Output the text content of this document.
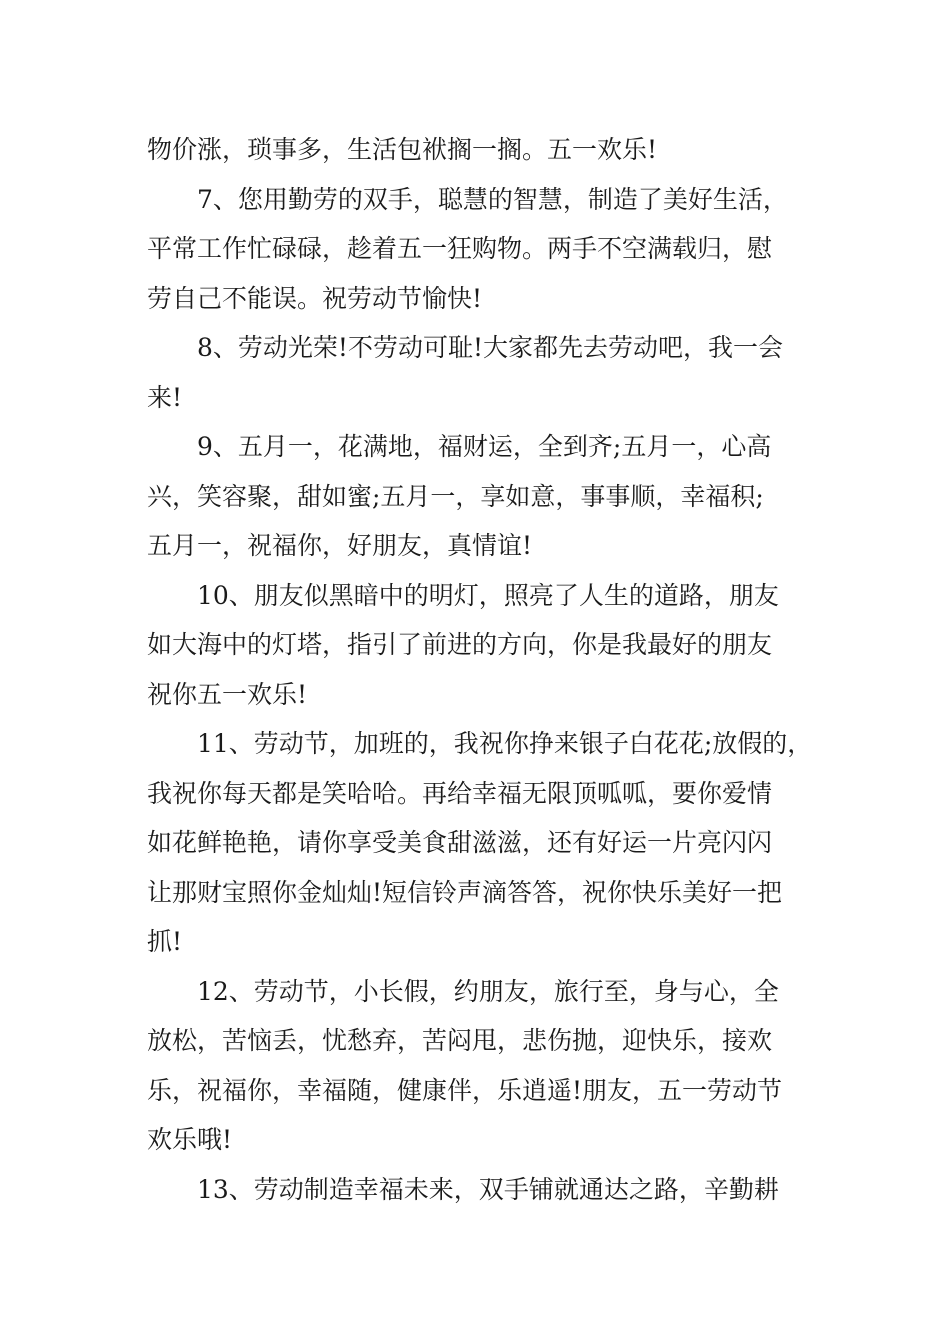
物价涨，琐事多，生活包袱搁一搁。五一欢乐!
7、您用勤劳的双手，聪慧的智慧，制造了美好生活，
平常工作忙碌碌，趁着五一狂购物。两手不空满载归，慰
劳自己不能误。祝劳动节愉快!
8、劳动光荣!不劳动可耻!大家都先去劳动吧，我一会
来!
9、五月一，花满地，福财运，全到齐;五月一，心高
兴，笑容聚，甜如蜜;五月一，享如意，事事顺，幸福积;
五月一，祝福你，好朋友，真情谊!
10、朋友似黑暗中的明灯，照亮了人生的道路，朋友
如大海中的灯塔，指引了前进的方向，你是我最好的朋友
祝你五一欢乐!
11、劳动节，加班的，我祝你挣来银子白花花;放假的，
我祝你每天都是笑哈哈。再给幸福无限顶呱呱，要你爱情
如花鲜艳艳，请你享受美食甜滋滋，还有好运一片亮闪闪
让那财宝照你金灿灿!短信铃声滴答答，祝你快乐美好一把
抓!
12、劳动节，小长假，约朋友，旅行至，身与心，全
放松，苦恼丢，忧愁弃，苦闷甩，悲伤抛，迎快乐，接欢
乐，祝福你，幸福随，健康伴，乐逍遥!朋友，五一劳动节
欢乐哦!
13、劳动制造幸福未来，双手铺就通达之路，辛勤耕
